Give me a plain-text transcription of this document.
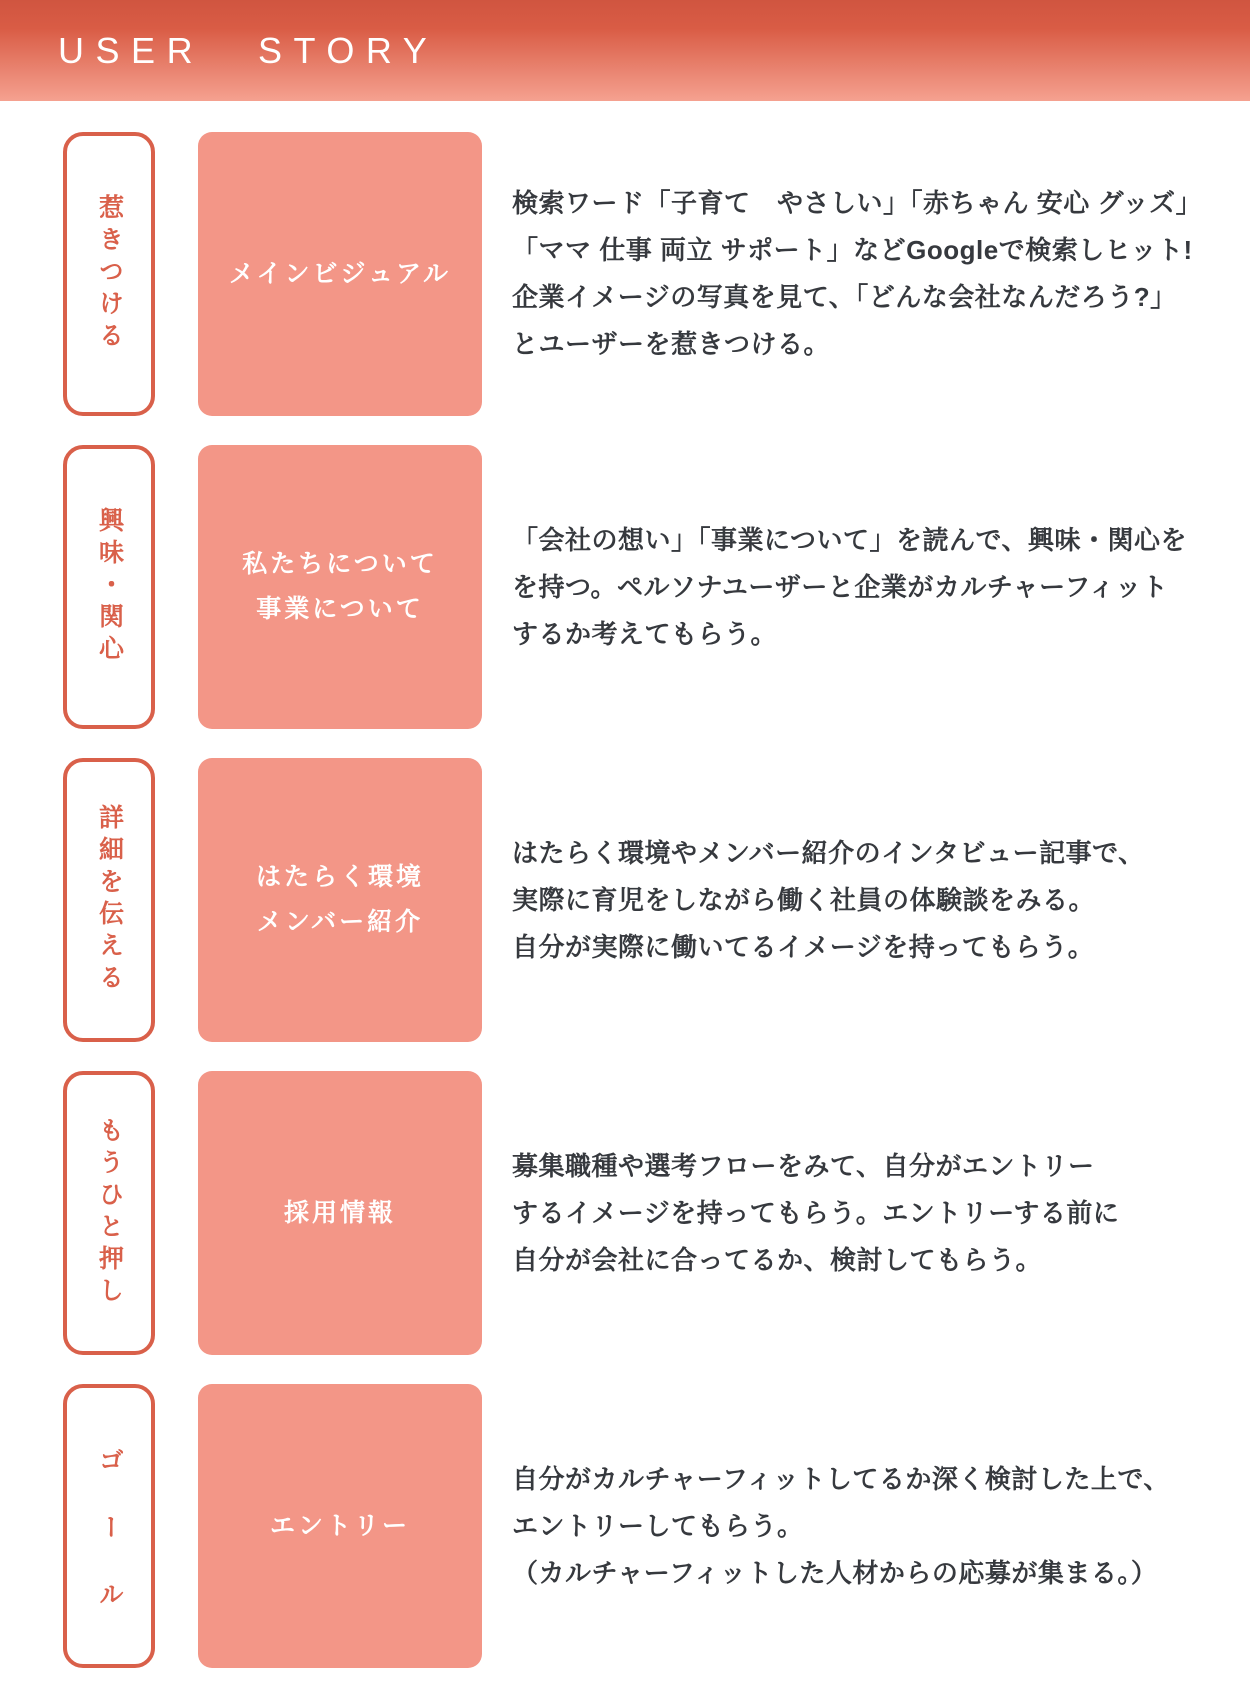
USER STORY
惹きつける	メインビジュアル

検索ワード「子育て　やさしい」「赤ちゃん 安心 グッズ」

「ママ 仕事 両立 サポート」などGoogleで検索しヒット!

企業イメージの写真を見て、「どんな会社なんだろう?」

とユーザーを惹きつける。

興味・関心	私たちについて

事業について

「会社の想い」「事業について」を読んで、興味・関心を

を持つ。ペルソナユーザーと企業がカルチャーフィット

するか考えてもらう。

詳細を伝える	はたらく環境

メンバー紹介

はたらく環境やメンバー紹介のインタビュー記事で、

実際に育児をしながら働く社員の体験談をみる。

自分が実際に働いてるイメージを持ってもらう。

もうひと押し	採用情報

募集職種や選考フローをみて、自分がエントリー

するイメージを持ってもらう。エントリーする前に

自分が会社に合ってるか、検討してもらう。

ゴール	エントリー

自分がカルチャーフィットしてるか深く検討した上で、

エントリーしてもらう。

（カルチャーフィットした人材からの応募が集まる。）
